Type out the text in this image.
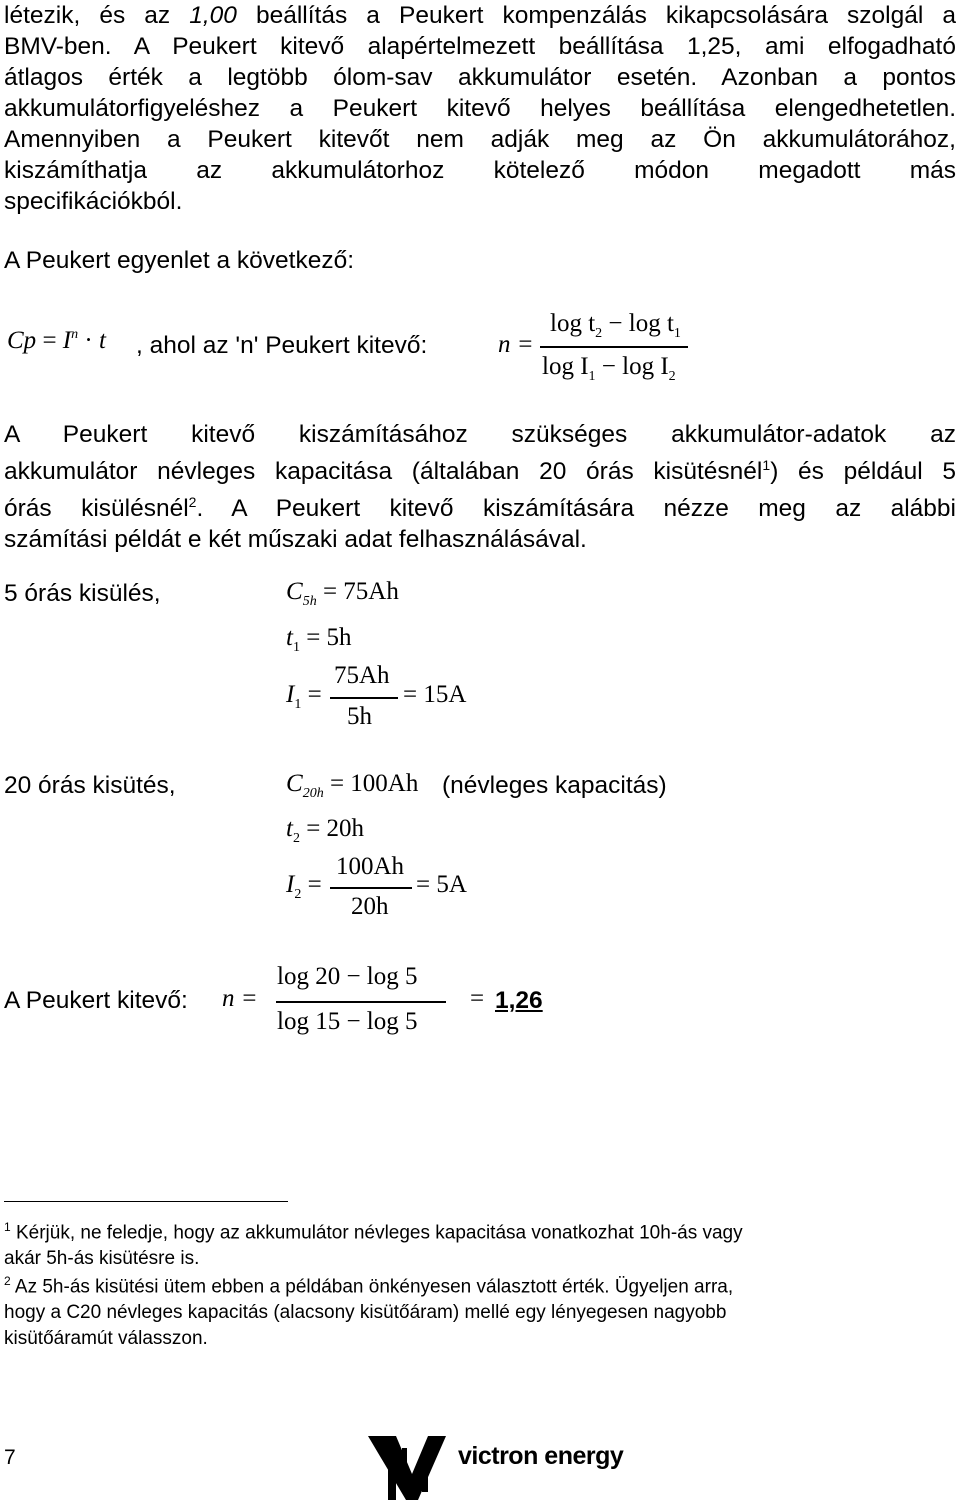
létezik, és az 1,00 beállítás a Peukert kompenzálás kikapcsolására szolgál a
BMV-ben. A Peukert kitevő alapértelmezett beállítása 1,25, ami elfogadható
átlagos érték a legtöbb ólom-sav akkumulátor esetén. Azonban a pontos
akkumulátorfigyeléshez a Peukert kitevő helyes beállítása elengedhetetlen.
Amennyiben a Peukert kitevőt nem adják meg az Ön akkumulátorához,
kiszámíthatja az akkumulátorhoz kötelező módon megadott más
specifikációkból.
A Peukert egyenlet a következő:
$Cp = I^n \cdot t$ , ahol az 'n' Peukert kitevő:	n =
$\log t_2 - \log t_1$
$\log I_1 - \log I_2$
A Peukert kitevő kiszámításához szükséges akkumulátor-adatok az
akkumulátor névleges kapacitása (általában 20 órás kisütésnél$^1$) és például 5
órás kisülésnél$^2$. A Peukert kitevő kiszámítására nézze meg az alábbi
számítási példát e két műszaki adat felhasználásával.
5 órás kisülés,	$C_{5h} = 75Ah$
$t_1 = 5h$
$I_1$ =
75Ah
5h
= 15A
20 órás kisütés,	$C_{20h} = 100Ah$ (névleges kapacitás)
$t_2 = 20h$
$I_2$ =
100Ah
20h
= 5A
A Peukert kitevő: n =
log 20 − log 5
log 15 − log 5
= 1,26
$^1$ Kérjük, ne feledje, hogy az akkumulátor névleges kapacitása vonatkozhat 10h-ás vagy
akár 5h-ás kisütésre is.
$^2$ Az 5h-ás kisütési ütem ebben a példában önkényesen választott érték. Ügyeljen arra,
hogy a C20 névleges kapacitás (alacsony kisütőáram) mellé egy lényegesen nagyobb
kisütőáramút válasszon.
7	victron energy
